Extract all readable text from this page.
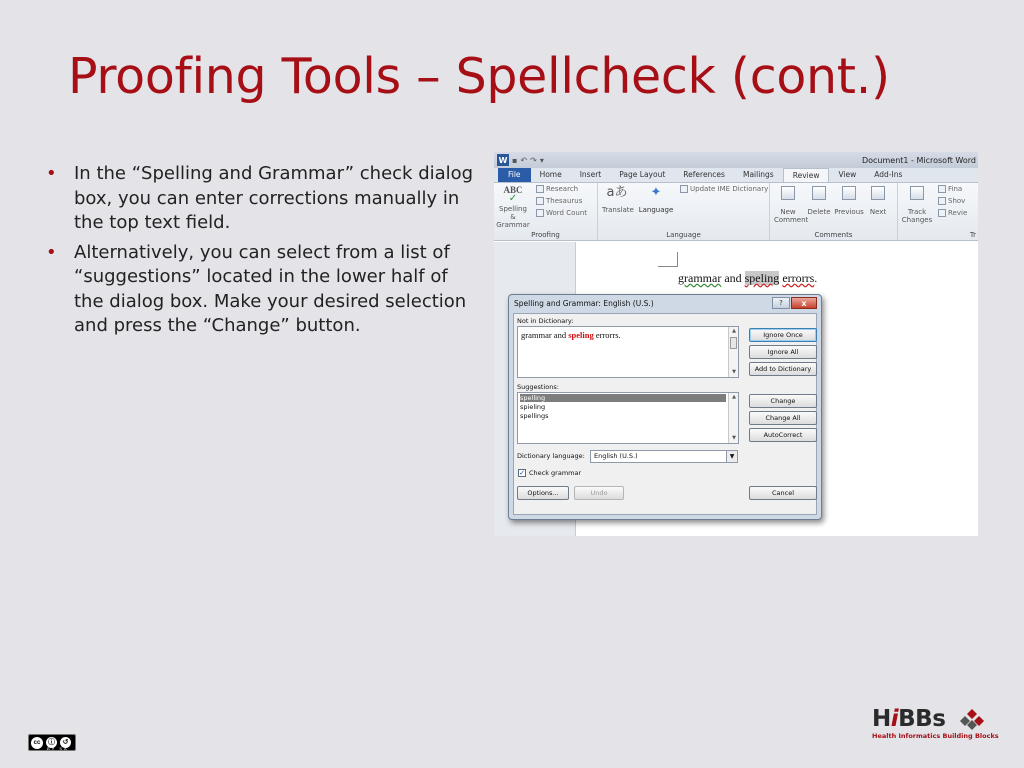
Proofing Tools – Spellcheck (cont.)
• In the “Spelling and Grammar” check dialog box, you can enter corrections manually in the top text field.
• Alternatively, you can select from a list of “suggestions” located in the lower half of the dialog box. Make your desired selection and press the “Change” button.
W ▪ ↶ ↷ ▾	Document1 - Microsoft Word
File	Home	Insert	Page Layout	References	Mailings	Review	View	Add-Ins
ABC
✓
Spelling & Grammar
Research
Thesaurus
Word Count
Proofing
aあ
Translate
✦
Language
Update IME Dictionary
Language
New Comment
Delete Previous Next
Comments
Track Changes
Fina
Shov
Revie
Tr
grammar and speling errorrs.
Spelling and Grammar: English (U.S.)	?	x
Not in Dictionary:
grammar and speling errorrs.	▲
▼
Ignore Once
Ignore All
Add to Dictionary
Suggestions:
spelling
spieling
spellings
▲
▼
Change
Change All
AutoCorrect
Dictionary language:	English (U.S.)	▼
✓ Check grammar
Options...	Undo	Cancel
cc	ⓘ	↺
BY SA
HiBBs
Health Informatics Building Blocks
